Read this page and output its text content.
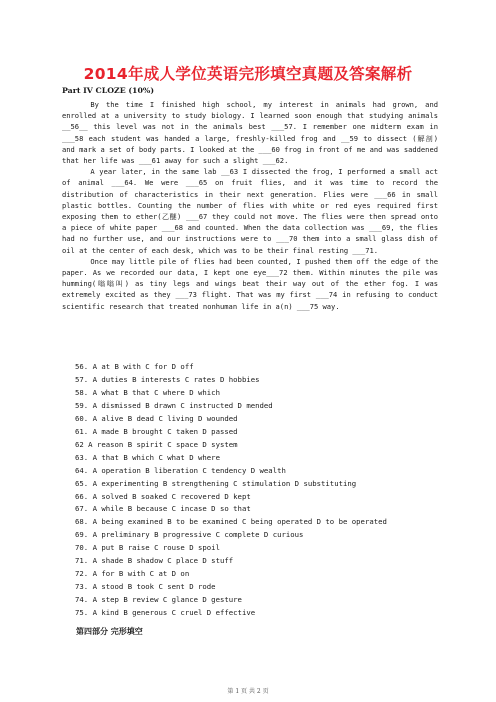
2014年成人学位英语完形填空真题及答案解析
Part IV CLOZE (10%)

By the time I finished high school, my interest in animals had grown, and enrolled at a university to study biology. I learned soon enough that studying animals __56__ this level was not in the animals best ___57. I remember one midterm exam in ___58 each student was handed a large, freshly-killed frog and __59 to dissect (解剖) and mark a set of body parts. I looked at the ___60 frog in front of me and was saddened that her life was ___61 away for such a slight ___62.

A year later, in the same lab __63 I dissected the frog, I performed a small act of animal ___64. We were ___65 on fruit flies, and it was time to record the distribution of characteristics in their next generation. Flies were ___66 in small plastic bottles. Counting the number of flies with white or red eyes required first exposing them to ether(乙醚) ___67 they could not move. The flies were then spread onto a piece of white paper ___68 and counted. When the data collection was ___69, the flies had no further use, and our instructions were to ___70 them into a small glass dish of oil at the center of each desk, which was to be their final resting ___71.

Once may little pile of flies had been counted, I pushed them off the edge of the paper. As we recorded our data, I kept one eye___72 them. Within minutes the pile was humming(嗡嗡叫) as tiny legs and wings beat their way out of the ether fog. I was extremely excited as they ___73 flight. That was my first ___74 in refusing to conduct scientific research that treated nonhuman life in a(n) ___75 way.

56. A at B with C for D off
57. A duties B interests C rates D hobbies
58. A what B that C where D which
59. A dismissed B drawn C instructed D mended
60. A alive B dead C living D wounded
61. A made B brought C taken D passed
62 A reason B spirit C space D system
63. A that B which C what D where
64. A operation B liberation C tendency D wealth
65. A experimenting B strengthening C stimulation D substituting
66. A solved B soaked C recovered D kept
67. A while B because C incase D so that
68. A being examined B to be examined C being operated D to be operated
69. A preliminary B progressive C complete D curious
70. A put B raise C rouse D spoil
71. A shade B shadow C place D stuff
72. A for B with C at D on
73. A stood B took C sent D rode
74. A step B review C glance D gesture
75. A kind B generous C cruel D effective
第四部分 完形填空
第 1 页 共 2 页
